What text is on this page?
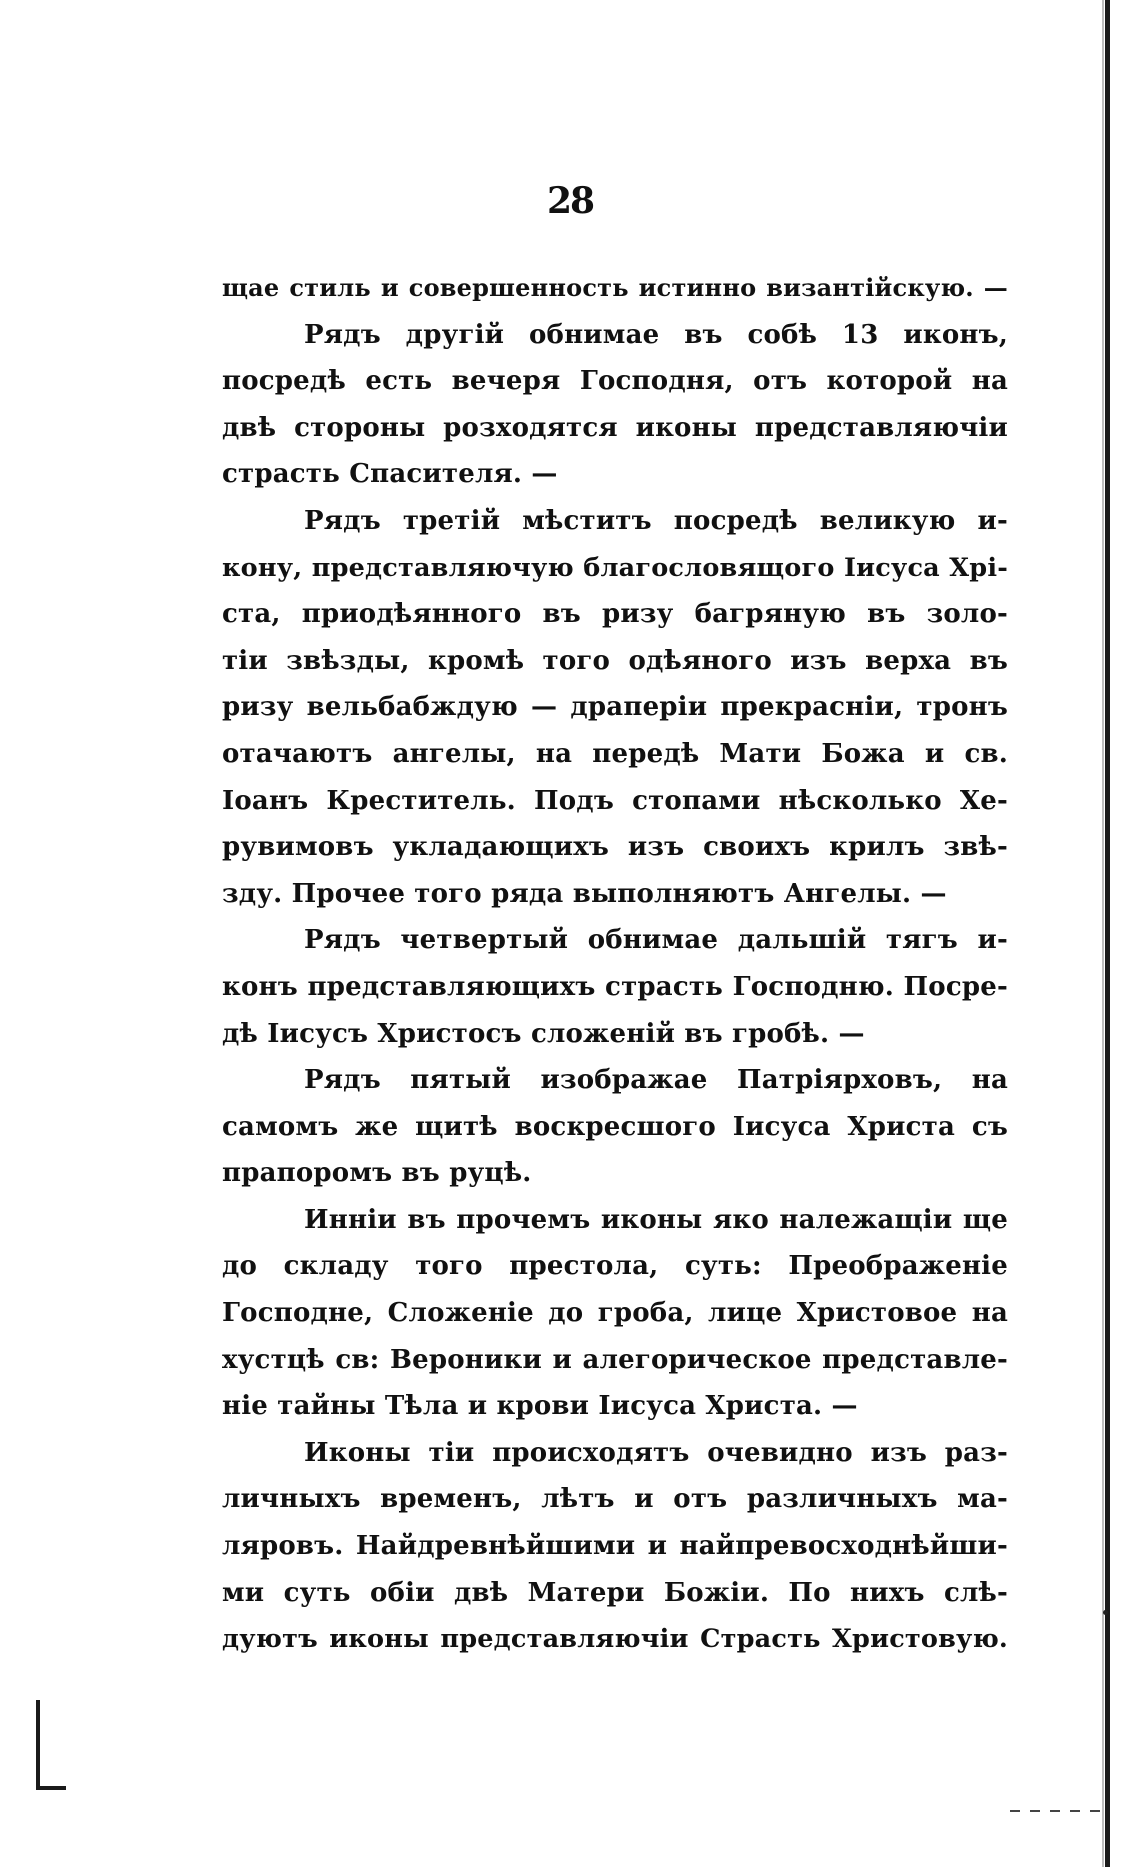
28
щае стиль и совершенность истинно византійскую. —
Рядъ другій обнимае въ собѣ 13 иконъ,
посредѣ есть вечеря Господня, отъ которой на
двѣ стороны розходятся иконы представляючіи
страсть Спасителя. —
Рядъ третій мѣститъ посредѣ великую и-
кону, представляючую благословящого Іисуса Хрі-
ста, приодѣянного въ ризу багряную въ золо-
тіи звѣзды, кромѣ того одѣяного изъ верха въ
ризу вельбабждую — драперіи прекрасніи, тронъ
отачаютъ ангелы, на передѣ Мати Божа и св.
Іоанъ Креститель. Подъ стопами нѣсколько Хе-
рувимовъ укладающихъ изъ своихъ крилъ звѣ-
зду. Прочее того ряда выполняютъ Ангелы. —
Рядъ четвертый обнимае дальшій тягъ и-
конъ представляющихъ страсть Господню. Посре-
дѣ Іисусъ Христосъ сложеній въ гробѣ. —
Рядъ пятый изображае Патріярховъ, на
самомъ же щитѣ воскресшого Іисуса Христа съ
прапоромъ въ руцѣ.
Инніи въ прочемъ иконы яко належащіи ще
до складу того престола, суть: Преображеніе
Господне, Сложеніе до гроба, лице Христовое на
хустцѣ св: Вероники и алегорическое представле-
ніе тайны Тѣла и крови Іисуса Христа. —
Иконы тіи происходятъ очевидно изъ раз-
личныхъ временъ, лѣтъ и отъ различныхъ ма-
ляровъ. Найдревнѣйшими и найпревосходнѣйши-
ми суть обіи двѣ Матери Божіи. По нихъ слѣ-
дуютъ иконы представляючіи Страсть Христовую.
